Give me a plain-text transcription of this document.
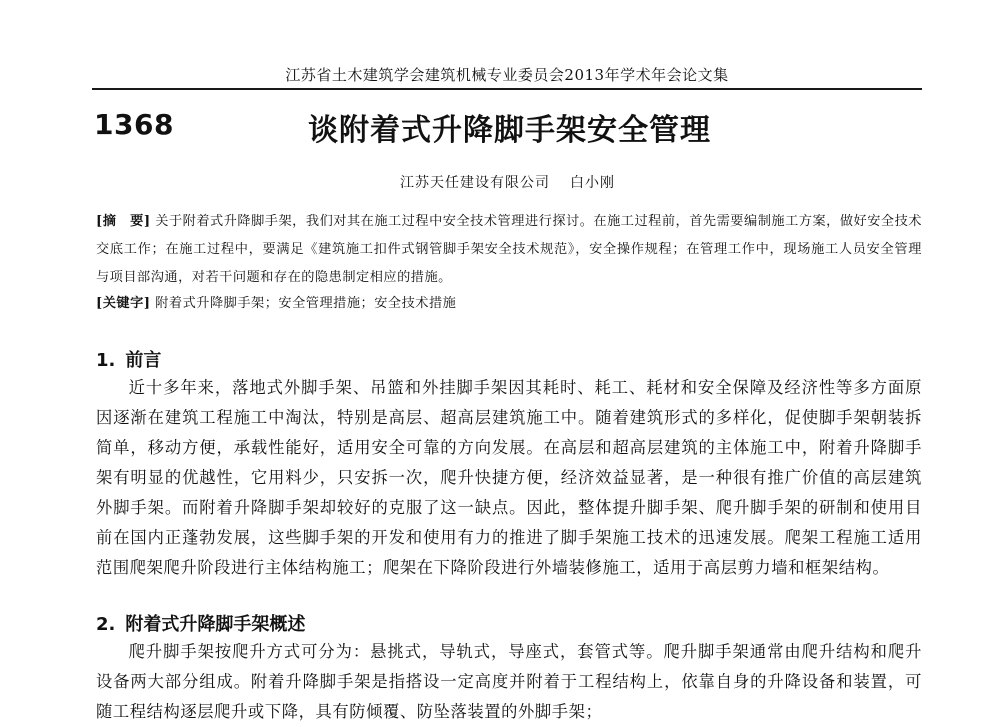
江苏省土木建筑学会建筑机械专业委员会2013年学术年会论文集
1368	谈附着式升降脚手架安全管理
江苏天任建设有限公司 白小刚
[摘　要] 关于附着式升降脚手架，我们对其在施工过程中安全技术管理进行探讨。在施工过程前，首先需要编制施工方案，做好安全技术交底工作；在施工过程中，要满足《建筑施工扣件式钢管脚手架安全技术规范》，安全操作规程；在管理工作中，现场施工人员安全管理与项目部沟通，对若干问题和存在的隐患制定相应的措施。
[关键字] 附着式升降脚手架；安全管理措施；安全技术措施
1. 前言

近十多年来，落地式外脚手架、吊篮和外挂脚手架因其耗时、耗工、耗材和安全保障及经济性等多方面原因逐渐在建筑工程施工中淘汰，特别是高层、超高层建筑施工中。随着建筑形式的多样化，促使脚手架朝装拆简单，移动方便，承载性能好，适用安全可靠的方向发展。在高层和超高层建筑的主体施工中，附着升降脚手架有明显的优越性，它用料少，只安拆一次，爬升快捷方便，经济效益显著，是一种很有推广价值的高层建筑外脚手架。而附着升降脚手架却较好的克服了这一缺点。因此，整体提升脚手架、爬升脚手架的研制和使用目前在国内正蓬勃发展，这些脚手架的开发和使用有力的推进了脚手架施工技术的迅速发展。爬架工程施工适用范围爬架爬升阶段进行主体结构施工；爬架在下降阶段进行外墙装修施工，适用于高层剪力墙和框架结构。

2. 附着式升降脚手架概述

爬升脚手架按爬升方式可分为：悬挑式，导轨式，导座式，套管式等。爬升脚手架通常由爬升结构和爬升设备两大部分组成。附着升降脚手架是指搭设一定高度并附着于工程结构上，依靠自身的升降设备和装置，可随工程结构逐层爬升或下降，具有防倾覆、防坠落装置的外脚手架；
